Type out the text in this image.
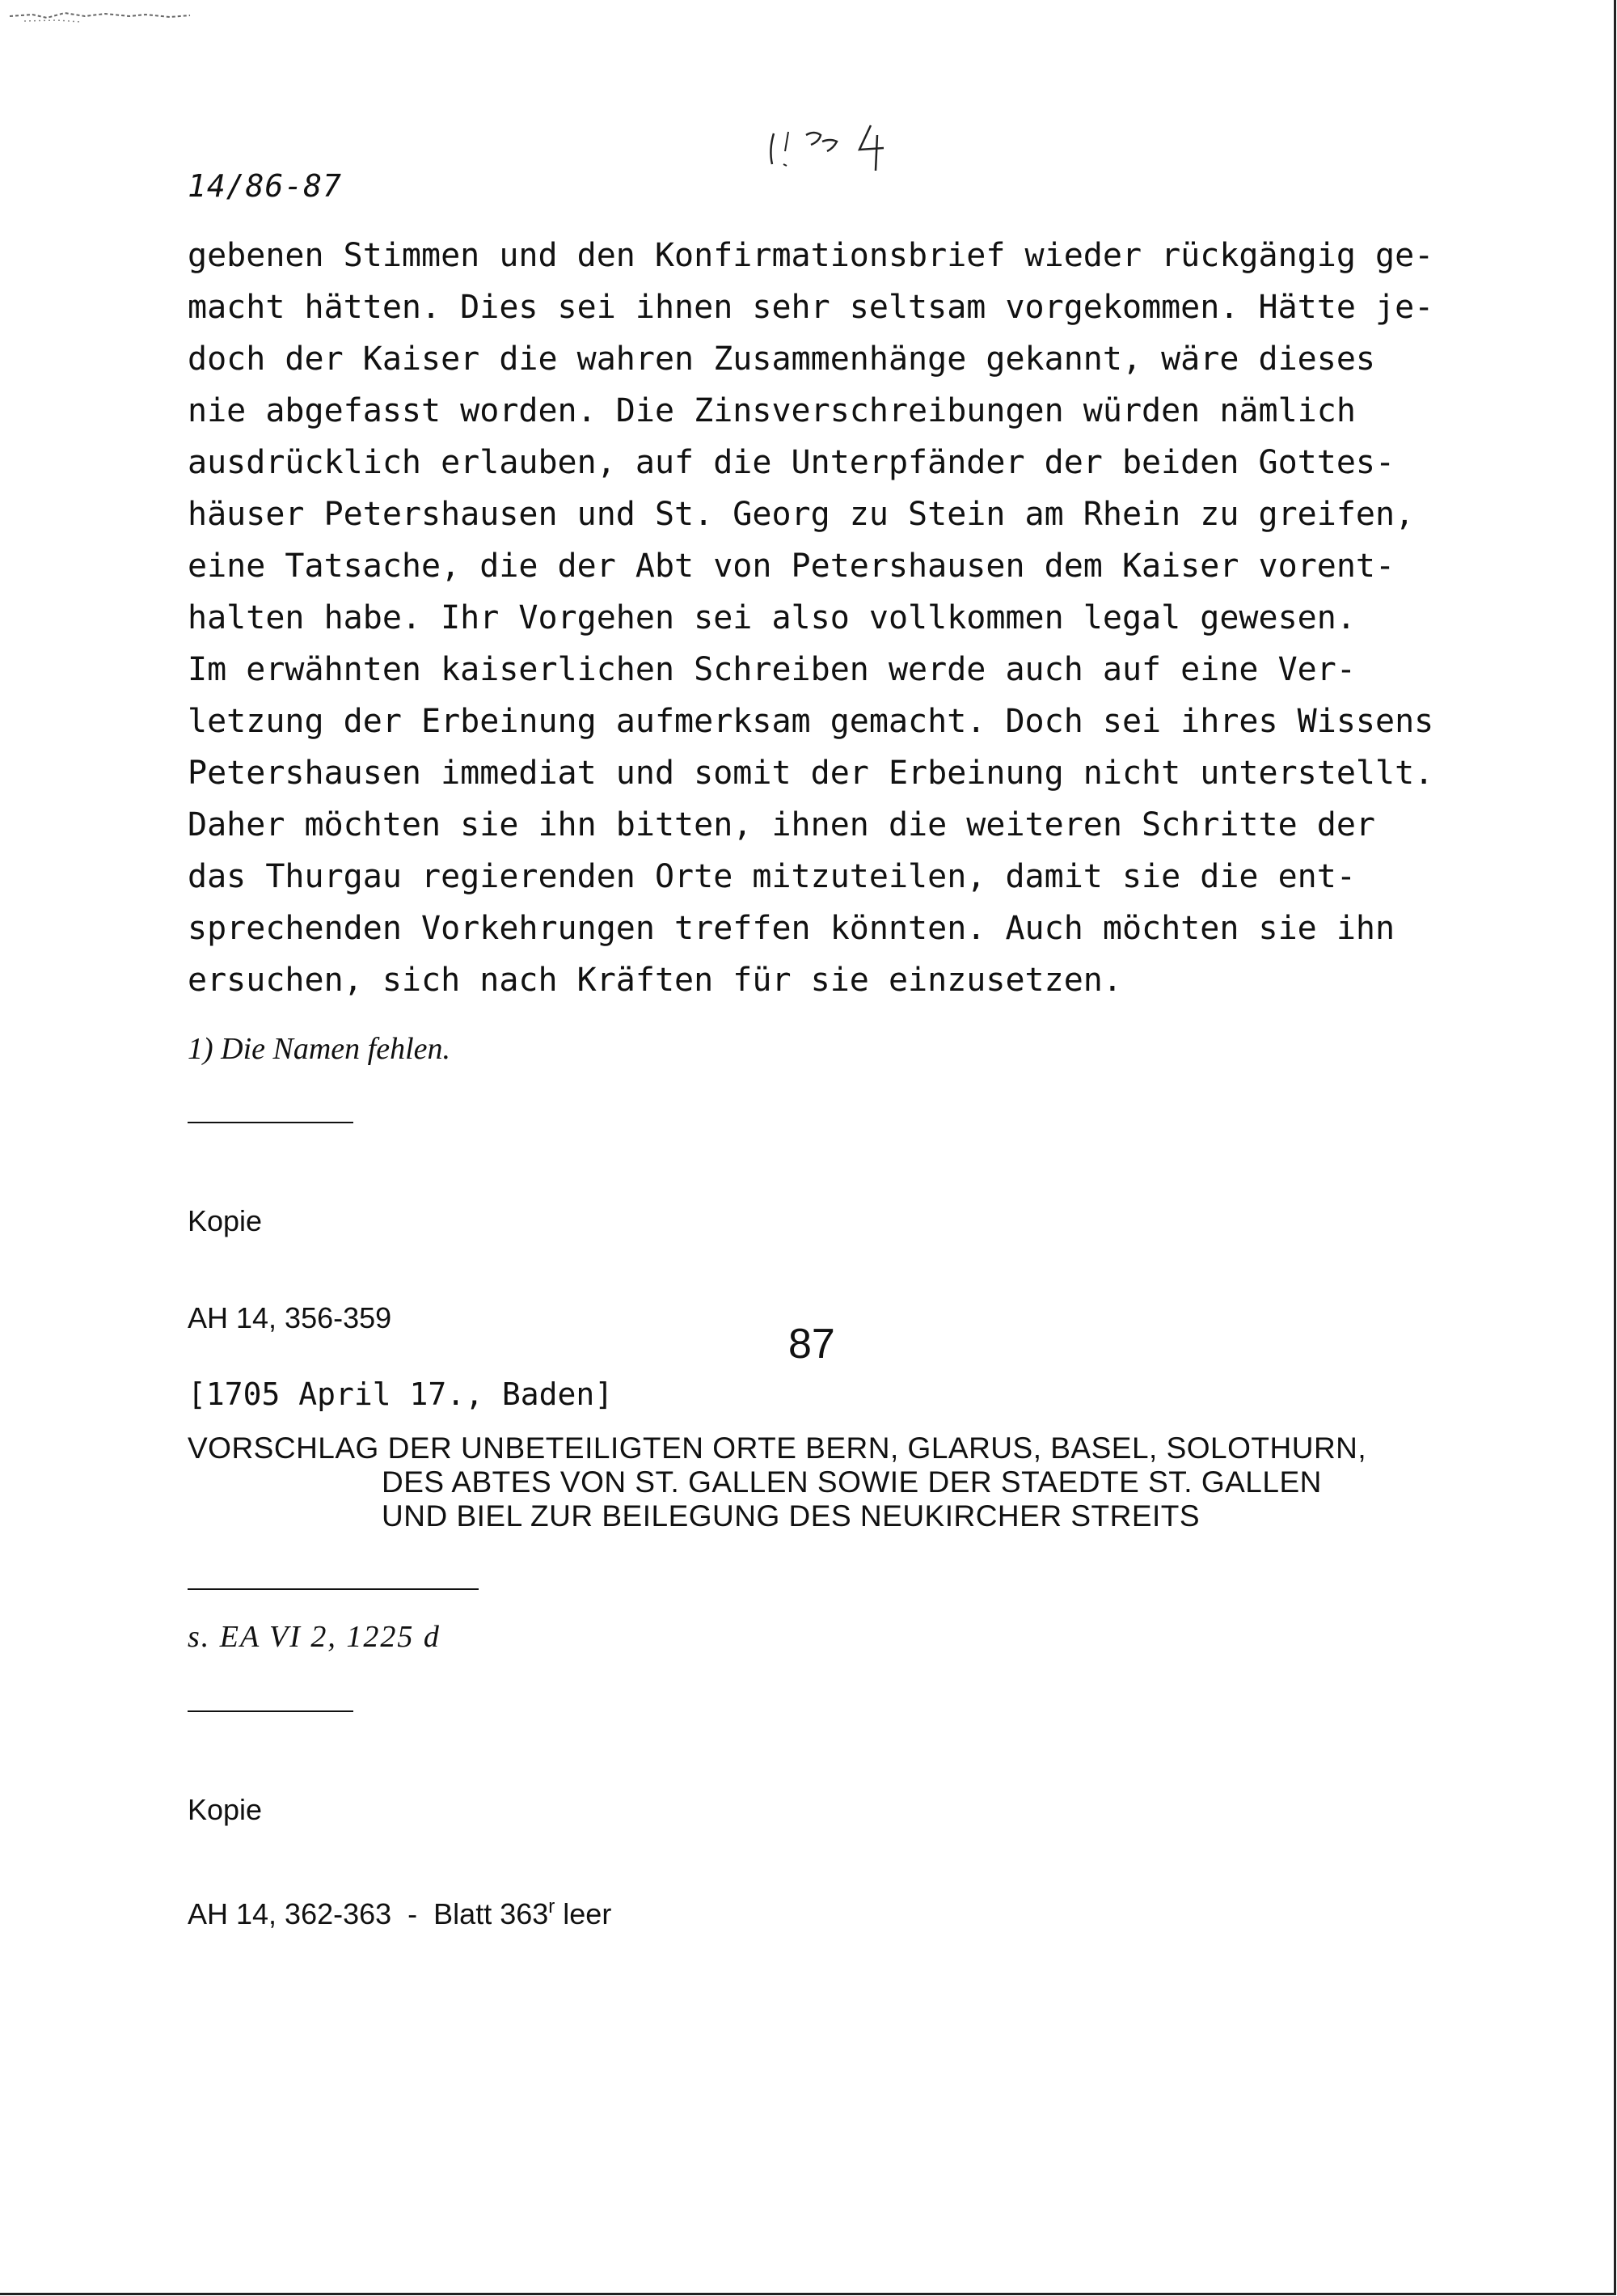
14/86-87
gebenen Stimmen und den Konfirmationsbrief wieder rückgängig ge-
macht hätten. Dies sei ihnen sehr seltsam vorgekommen. Hätte je-
doch der Kaiser die wahren Zusammenhänge gekannt, wäre dieses
nie abgefasst worden. Die Zinsverschreibungen würden nämlich
ausdrücklich erlauben, auf die Unterpfänder der beiden Gottes-
häuser Petershausen und St. Georg zu Stein am Rhein zu greifen,
eine Tatsache, die der Abt von Petershausen dem Kaiser vorent-
halten habe. Ihr Vorgehen sei also vollkommen legal gewesen.
Im erwähnten kaiserlichen Schreiben werde auch auf eine Ver-
letzung der Erbeinung aufmerksam gemacht. Doch sei ihres Wissens
Petershausen immediat und somit der Erbeinung nicht unterstellt.
Daher möchten sie ihn bitten, ihnen die weiteren Schritte der
das Thurgau regierenden Orte mitzuteilen, damit sie die ent-
sprechenden Vorkehrungen treffen könnten. Auch möchten sie ihn
ersuchen, sich nach Kräften für sie einzusetzen.
1) Die Namen fehlen.

Kopie

AH 14, 356-359

87
[1705 April 17., Baden]
VORSCHLAG DER UNBETEILIGTEN ORTE BERN, GLARUS, BASEL, SOLOTHURN,
DES ABTES VON ST. GALLEN SOWIE DER STAEDTE ST. GALLEN
UND BIEL ZUR BEILEGUNG DES NEUKIRCHER STREITS
s. EA VI 2, 1225 d

Kopie

AH 14, 362-363  -  Blatt 363$^r$ leer
